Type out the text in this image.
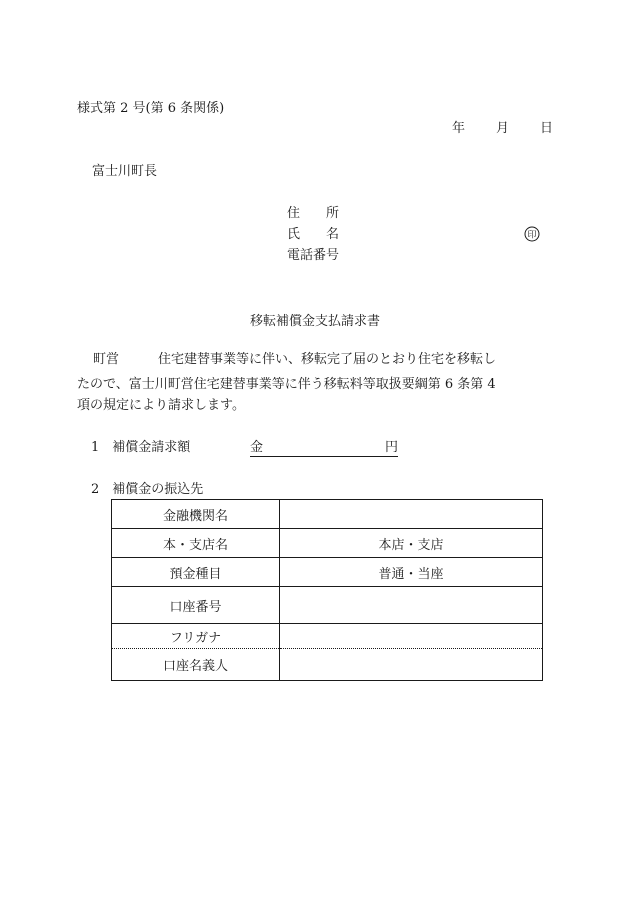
様式第 2 号(第 6 条関係)
年 月 日
富士川町長
住　　所
氏　　名
電話番号
印
移転補償金支払請求書
町営　　　住宅建替事業等に伴い、移転完了届のとおり住宅を移転し
たので、富士川町営住宅建替事業等に伴う移転料等取扱要綱第 6 条第 4
項の規定により請求します。
1　補償金請求額	金	円
2　補償金の振込先
金融機関名	
本・支店名	本店・支店
預金種目	普通・当座
口座番号	
フリガナ	
口座名義人	
